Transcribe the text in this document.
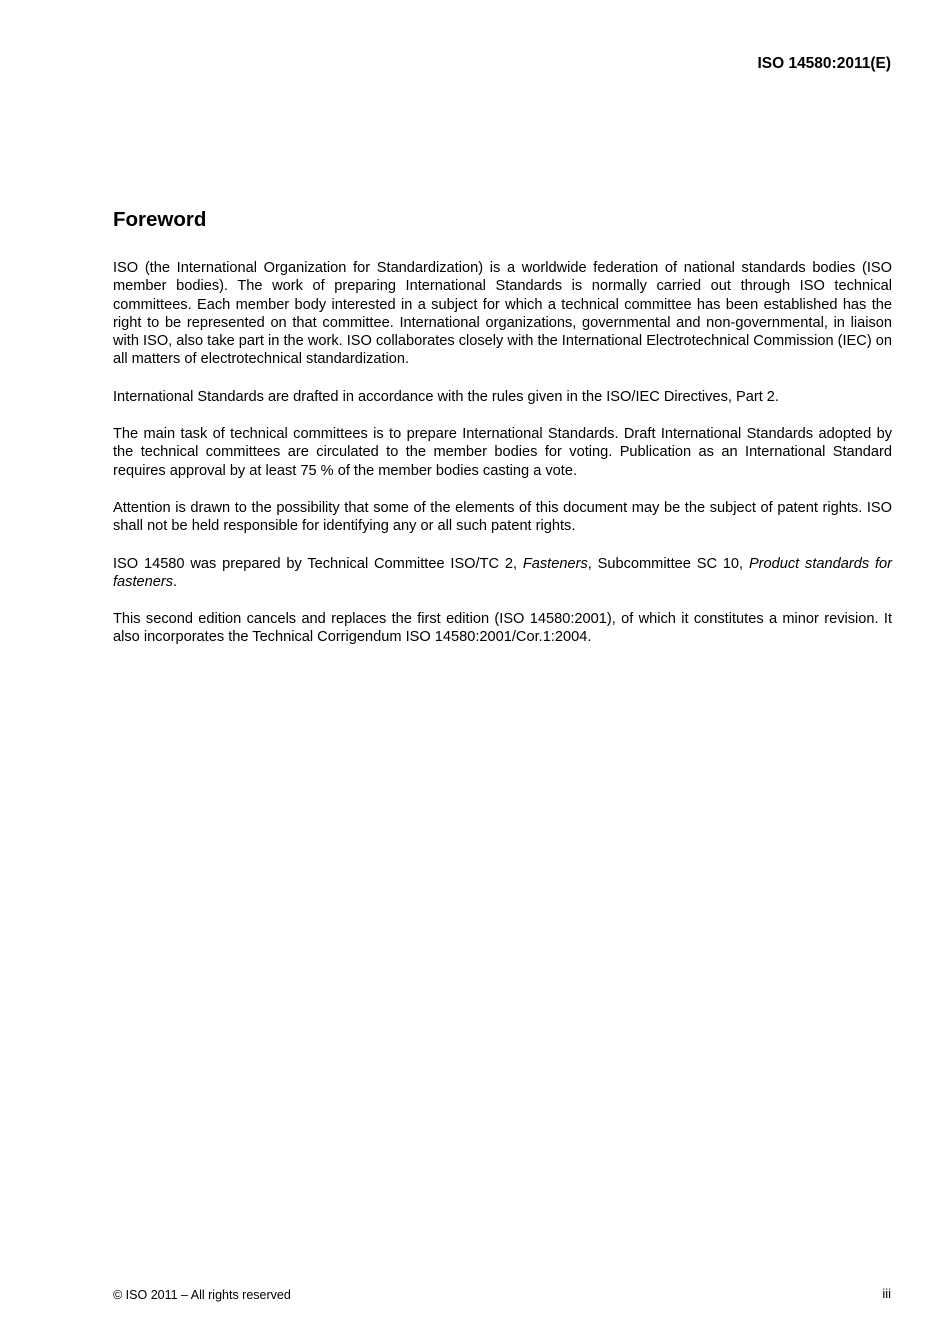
ISO 14580:2011(E)
Foreword

ISO (the International Organization for Standardization) is a worldwide federation of national standards bodies (ISO member bodies). The work of preparing International Standards is normally carried out through ISO technical committees. Each member body interested in a subject for which a technical committee has been established has the right to be represented on that committee. International organizations, governmental and non-governmental, in liaison with ISO, also take part in the work. ISO collaborates closely with the International Electrotechnical Commission (IEC) on all matters of electrotechnical standardization.

International Standards are drafted in accordance with the rules given in the ISO/IEC Directives, Part 2.

The main task of technical committees is to prepare International Standards. Draft International Standards adopted by the technical committees are circulated to the member bodies for voting. Publication as an International Standard requires approval by at least 75 % of the member bodies casting a vote.

Attention is drawn to the possibility that some of the elements of this document may be the subject of patent rights. ISO shall not be held responsible for identifying any or all such patent rights.

ISO 14580 was prepared by Technical Committee ISO/TC 2, Fasteners, Subcommittee SC 10, Product standards for fasteners.

This second edition cancels and replaces the first edition (ISO 14580:2001), of which it constitutes a minor revision. It also incorporates the Technical Corrigendum ISO 14580:2001/Cor.1:2004.

© ISO 2011 – All rights reserved	iii
